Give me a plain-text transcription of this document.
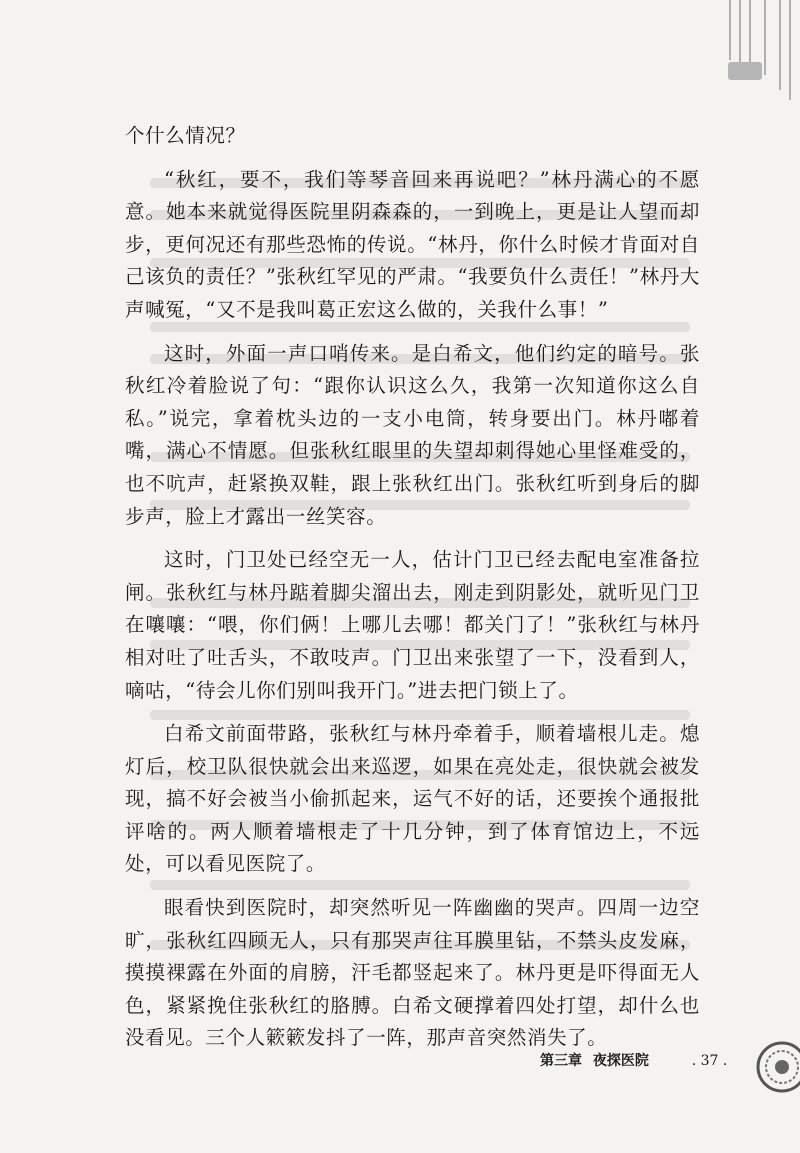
个什么情况？

“秋红，要不，我们等琴音回来再说吧？”林丹满心的不愿意。她本来就觉得医院里阴森森的，一到晚上，更是让人望而却步，更何况还有那些恐怖的传说。“林丹，你什么时候才肯面对自己该负的责任？”张秋红罕见的严肃。“我要负什么责任！”林丹大声喊冤，“又不是我叫葛正宏这么做的，关我什么事！”

这时，外面一声口哨传来。是白希文，他们约定的暗号。张秋红冷着脸说了句：“跟你认识这么久，我第一次知道你这么自私。”说完，拿着枕头边的一支小电筒，转身要出门。林丹嘟着嘴，满心不情愿。但张秋红眼里的失望却刺得她心里怪难受的，也不吭声，赶紧换双鞋，跟上张秋红出门。张秋红听到身后的脚步声，脸上才露出一丝笑容。

这时，门卫处已经空无一人，估计门卫已经去配电室准备拉闸。张秋红与林丹踮着脚尖溜出去，刚走到阴影处，就听见门卫在嚷嚷：“喂，你们俩！上哪儿去哪！都关门了！”张秋红与林丹相对吐了吐舌头，不敢吱声。门卫出来张望了一下，没看到人，嘀咕，“待会儿你们别叫我开门。”进去把门锁上了。

白希文前面带路，张秋红与林丹牵着手，顺着墙根儿走。熄灯后，校卫队很快就会出来巡逻，如果在亮处走，很快就会被发现，搞不好会被当小偷抓起来，运气不好的话，还要挨个通报批评啥的。两人顺着墙根走了十几分钟，到了体育馆边上，不远处，可以看见医院了。

眼看快到医院时，却突然听见一阵幽幽的哭声。四周一边空旷，张秋红四顾无人，只有那哭声往耳膜里钻，不禁头皮发麻，摸摸裸露在外面的肩膀，汗毛都竖起来了。林丹更是吓得面无人色，紧紧挽住张秋红的胳膊。白希文硬撑着四处打望，却什么也没看见。三个人簌簌发抖了一阵，那声音突然消失了。

第三章 夜探医院	. 37 .
